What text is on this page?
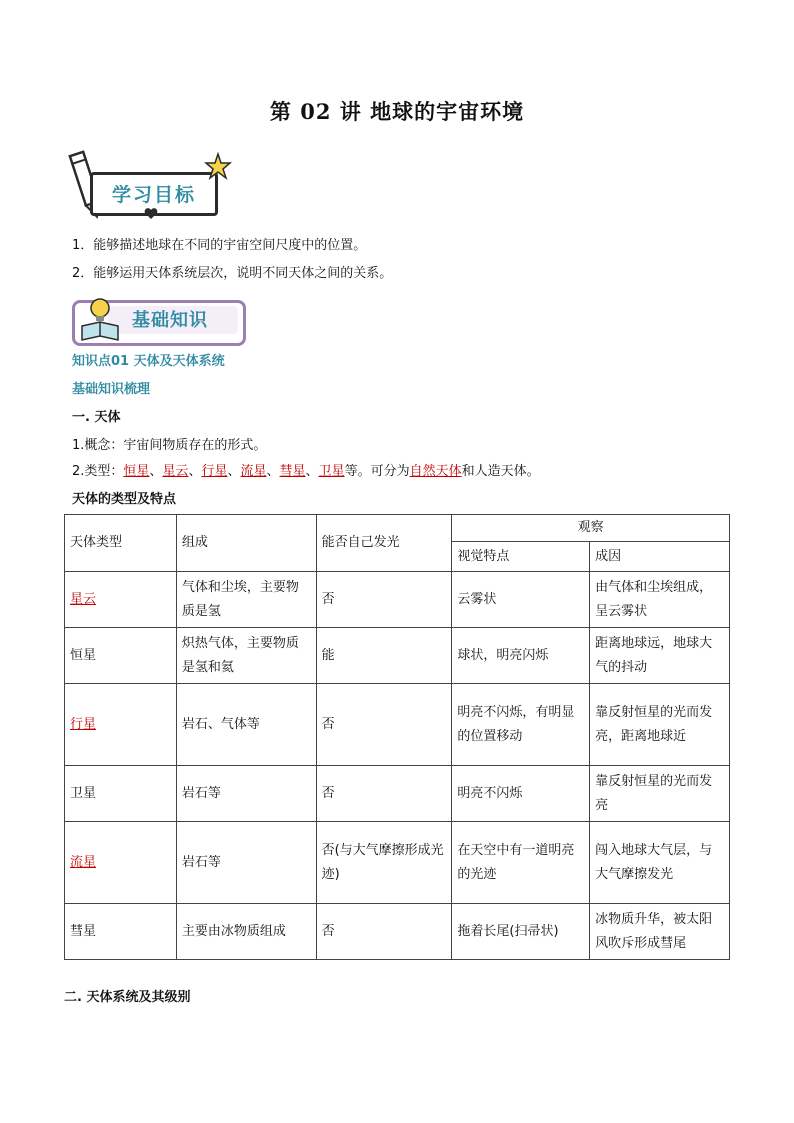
第 02 讲 地球的宇宙环境
学习目标
1．能够描述地球在不同的宇宙空间尺度中的位置。
2．能够运用天体系统层次，说明不同天体之间的关系。
基础知识
知识点01 天体及天体系统
基础知识梳理
一. 天体
1.概念：宇宙间物质存在的形式。
2.类型：恒星、星云、行星、流星、彗星、卫星等。可分为自然天体和人造天体。
天体的类型及特点
天体类型	组成	能否自己发光	观察	
			视觉特点	成因
星云	气体和尘埃，主要物质是氢	否	云雾状	由气体和尘埃组成，呈云雾状
恒星	炽热气体，主要物质是氢和氦	能	球状，明亮闪烁	距离地球远，地球大气的抖动
行星	岩石、气体等	否	明亮不闪烁，有明显的位置移动	靠反射恒星的光而发亮，距离地球近
卫星	岩石等	否	明亮不闪烁	靠反射恒星的光而发亮
流星	岩石等	否(与大气摩擦形成光迹)	在天空中有一道明亮的光迹	闯入地球大气层，与大气摩擦发光
彗星	主要由冰物质组成	否	拖着长尾(扫帚状)	冰物质升华，被太阳风吹斥形成彗尾
二. 天体系统及其级别
